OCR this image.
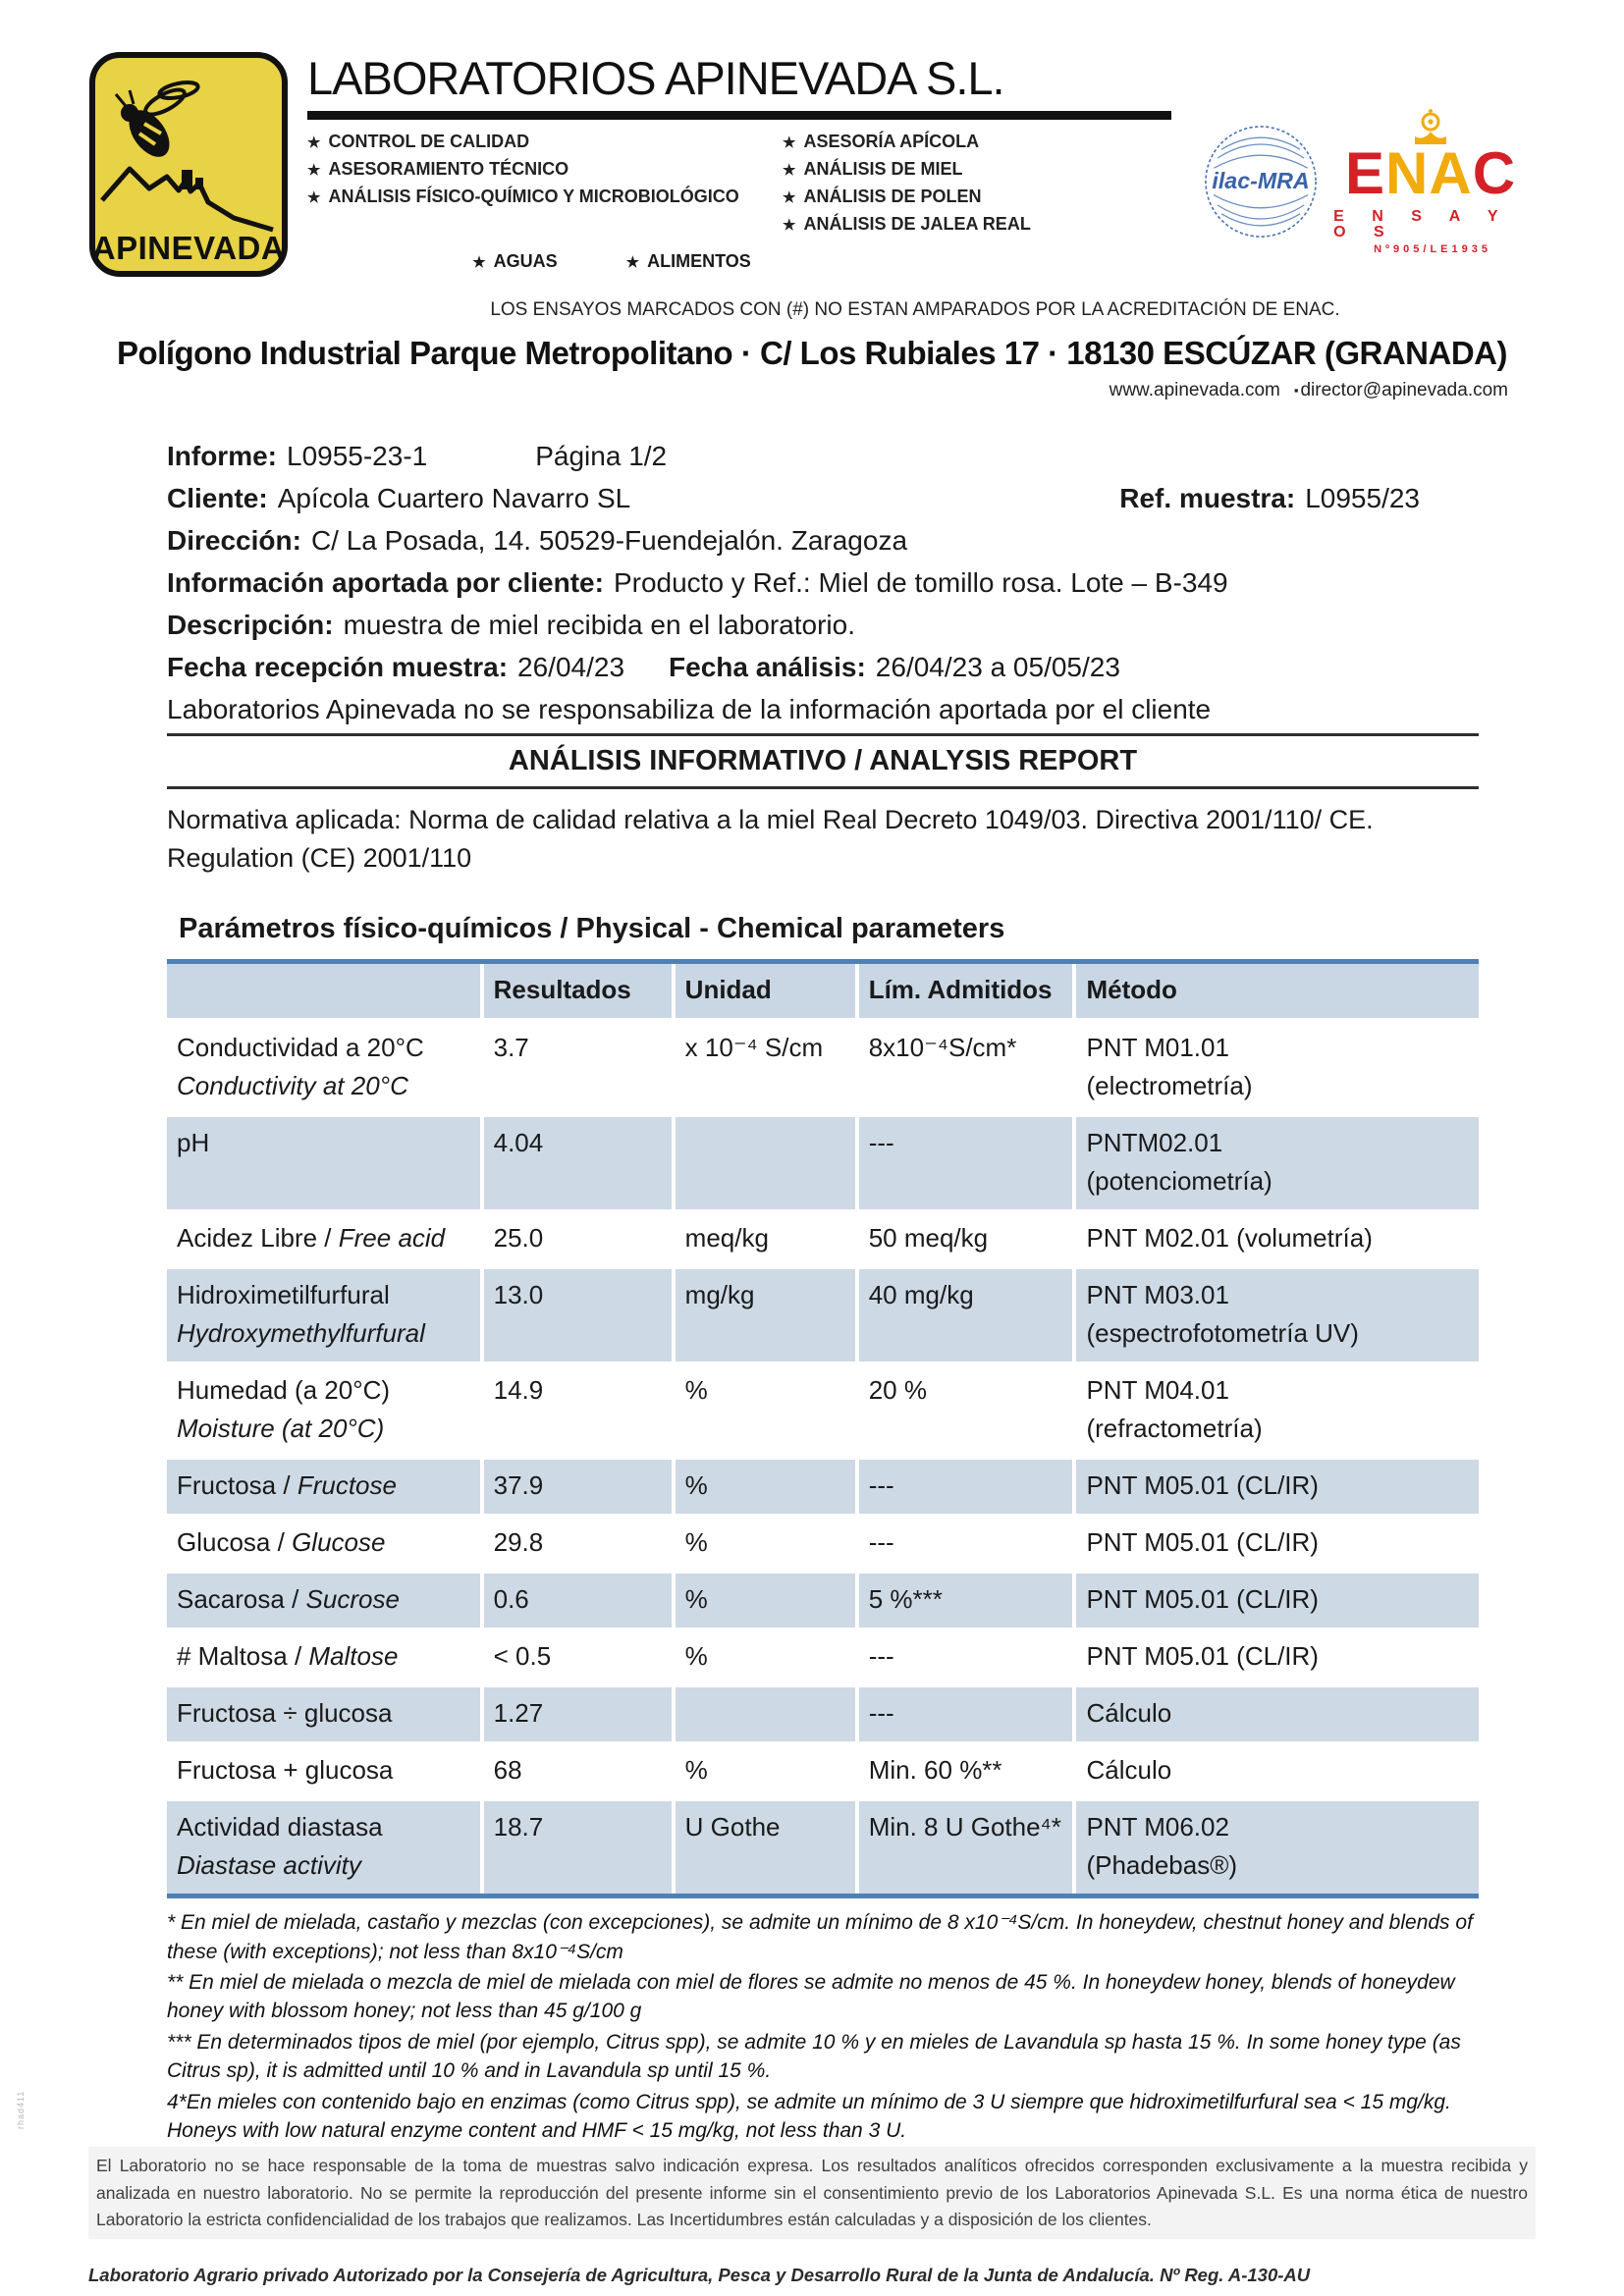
APINEVADA
LABORATORIOS APINEVADA S.L.
★ CONTROL DE CALIDAD
★ ASESORAMIENTO TÉCNICO
★ ANÁLISIS FÍSICO-QUÍMICO Y MICROBIOLÓGICO
★ ASESORÍA APÍCOLA
★ ANÁLISIS DE MIEL
★ ANÁLISIS DE POLEN
★ ANÁLISIS DE JALEA REAL
★ AGUAS	★ ALIMENTOS
ilac-MRA ENAC
E N S A Y O S
Nº905/LE1935
LOS ENSAYOS MARCADOS CON (#) NO ESTAN AMPARADOS POR LA ACREDITACIÓN DE ENAC.
Polígono Industrial Parque Metropolitano · C/ Los Rubiales 17 · 18130 ESCÚZAR (GRANADA)
www.apinevada.com ▪ director@apinevada.com
Informe: L0955-23-1	Página 1/2
Cliente: Apícola Cuartero Navarro SL	Ref. muestra: L0955/23
Dirección: C/ La Posada, 14. 50529-Fuendejalón. Zaragoza
Información aportada por cliente: Producto y Ref.: Miel de tomillo rosa. Lote – B-349
Descripción: muestra de miel recibida en el laboratorio.
Fecha recepción muestra: 26/04/23 Fecha análisis: 26/04/23 a 05/05/23
Laboratorios Apinevada no se responsabiliza de la información aportada por el cliente
ANÁLISIS INFORMATIVO / ANALYSIS REPORT
Normativa aplicada: Norma de calidad relativa a la miel Real Decreto 1049/03. Directiva 2001/110/ CE.
Regulation (CE) 2001/110
Parámetros físico-químicos / Physical - Chemical parameters
	Resultados	Unidad	Lím. Admitidos	Método
Conductividad a 20°C
Conductivity at 20°C	3.7	x 10⁻⁴ S/cm	8x10⁻⁴S/cm*	PNT M01.01
(electrometría)

pH	4.04		---	PNTM02.01
(potenciometría)

Acidez Libre / Free acid	25.0	meq/kg	50 meq/kg	PNT M02.01 (volumetría)
Hidroximetilfurfural
Hydroxymethylfurfural	13.0	mg/kg	40 mg/kg	PNT M03.01
(espectrofotometría UV)

Humedad (a 20°C)
Moisture (at 20°C)	14.9	%	20 %	PNT M04.01
(refractometría)

Fructosa / Fructose	37.9	%	---	PNT M05.01 (CL/IR)
Glucosa / Glucose	29.8	%	---	PNT M05.01 (CL/IR)
Sacarosa / Sucrose	0.6	%	5 %***	PNT M05.01 (CL/IR)
# Maltosa / Maltose	< 0.5	%	---	PNT M05.01 (CL/IR)
Fructosa ÷ glucosa	1.27		---	Cálculo
Fructosa + glucosa	68	%	Min. 60 %**	Cálculo
Actividad diastasa
Diastase activity	18.7	U Gothe	Min. 8 U Gothe⁴*	PNT M06.02
(Phadebas®)

* En miel de mielada, castaño y mezclas (con excepciones), se admite un mínimo de 8 x10⁻⁴S/cm. In honeydew, chestnut honey and blends of these (with exceptions); not less than 8x10⁻⁴S/cm

** En miel de mielada o mezcla de miel de mielada con miel de flores se admite no menos de 45 %. In honeydew honey, blends of honeydew honey with blossom honey; not less than 45 g/100 g

*** En determinados tipos de miel (por ejemplo, Citrus spp), se admite 10 % y en mieles de Lavandula sp hasta 15 %. In some honey type (as Citrus sp), it is admitted until 10 % and in Lavandula sp until 15 %.

4*En mieles con contenido bajo en enzimas (como Citrus spp), se admite un mínimo de 3 U siempre que hidroximetilfurfural sea < 15 mg/kg. Honeys with low natural enzyme content and HMF < 15 mg/kg, not less than 3 U.

El Laboratorio no se hace responsable de la toma de muestras salvo indicación expresa. Los resultados analíticos ofrecidos corresponden exclusivamente a la muestra recibida y analizada en nuestro laboratorio. No se permite la reproducción del presente informe sin el consentimiento previo de los Laboratorios Apinevada S.L. Es una norma ética de nuestro Laboratorio la estricta confidencialidad de los trabajos que realizamos. Las Incertidumbres están calculadas y a disposición de los clientes.

Laboratorio Agrario privado Autorizado por la Consejería de Agricultura, Pesca y Desarrollo Rural de la Junta de Andalucía. Nº Reg. A-130-AU
rhad411
